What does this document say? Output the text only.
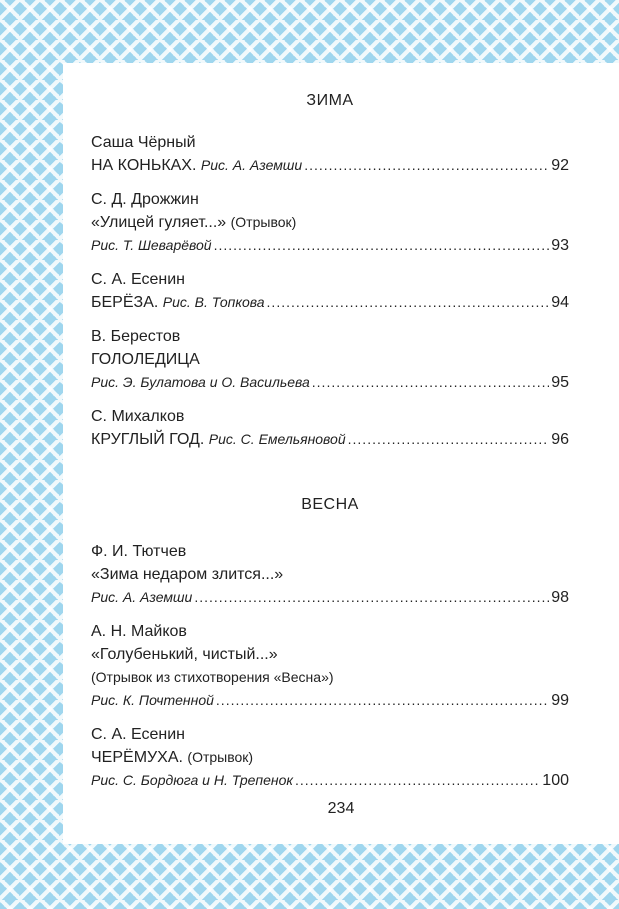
ЗИМА

Саша Чёрный
НА КОНЬКАХ.
Рис. А. Аземши .....	92
С. Д. Дрожжин
«Улицей гуляет...» (Отрывок)
Рис. Т. Шеварёвой .....	93
С. А. Есенин
БЕРЁЗА.
Рис. В. Топкова .....	94
В. Берестов
ГОЛОЛЕДИЦА
Рис. Э. Булатова и О. Васильева .....	95
С. Михалков
КРУГЛЫЙ ГОД.
Рис. С. Емельяновой .....	96

ВЕСНА

Ф. И. Тютчев
«Зима недаром злится...»
Рис. А. Аземши .....	98
А. Н. Майков
«Голубенький, чистый...»
(Отрывок из стихотворения «Весна»)
Рис. К. Почтенной .....	99
С. А. Есенин
ЧЕРЁМУХА. (Отрывок)
Рис. С. Бордюга и Н. Трепенок .....	100
234
